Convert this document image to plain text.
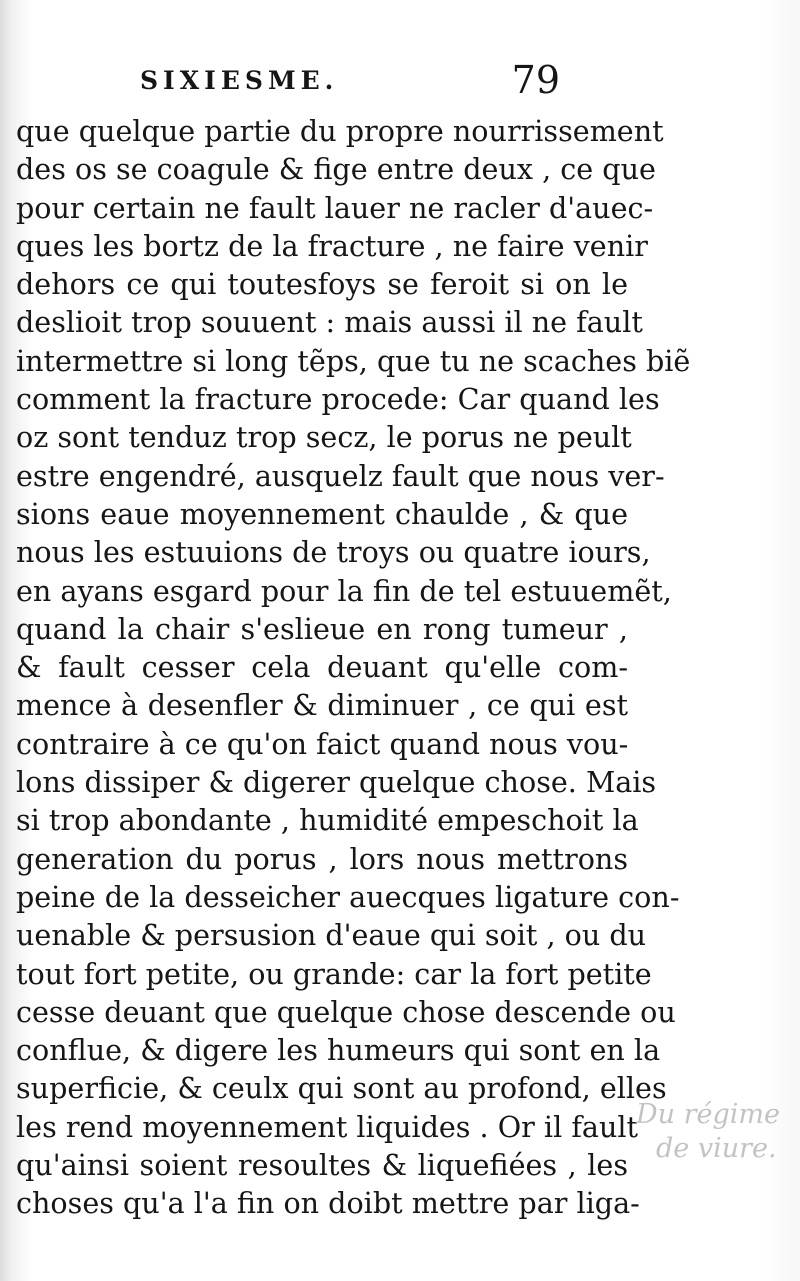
SIXIESME.	79
que quelque partie du propre nourrissement
des os se coagule & fige entre deux , ce que
pour certain ne fault lauer ne racler d'auec-
ques les bortz de la fracture , ne faire venir
dehors ce qui toutesfoys se feroit si on le
deslioit trop souuent : mais aussi il ne fault
intermettre si long tẽps, que tu ne scaches biẽ
comment la fracture procede: Car quand les
oz sont tenduz trop secz, le porus ne peult
estre engendré, ausquelz fault que nous ver-
sions eaue moyennement chaulde , & que
nous les estuuions de troys ou quatre iours,
en ayans esgard pour la fin de tel estuuemẽt,
quand la chair s'eslieue en rong tumeur ,
& fault cesser cela deuant qu'elle com-
mence à desenfler & diminuer , ce qui est
contraire à ce qu'on faict quand nous vou-
lons dissiper & digerer quelque chose. Mais
si trop abondante , humidité empeschoit la
generation du porus , lors nous mettrons
peine de la desseicher auecques ligature con-
uenable & persusion d'eaue qui soit , ou du
tout fort petite, ou grande: car la fort petite
cesse deuant que quelque chose descende ou
conflue, & digere les humeurs qui sont en la
superficie, & ceulx qui sont au profond, elles
les rend moyennement liquides . Or il fault
qu'ainsi soient resoultes & liquefiées , les
choses qu'a l'a fin on doibt mettre par liga-
Du régime
de viure.
